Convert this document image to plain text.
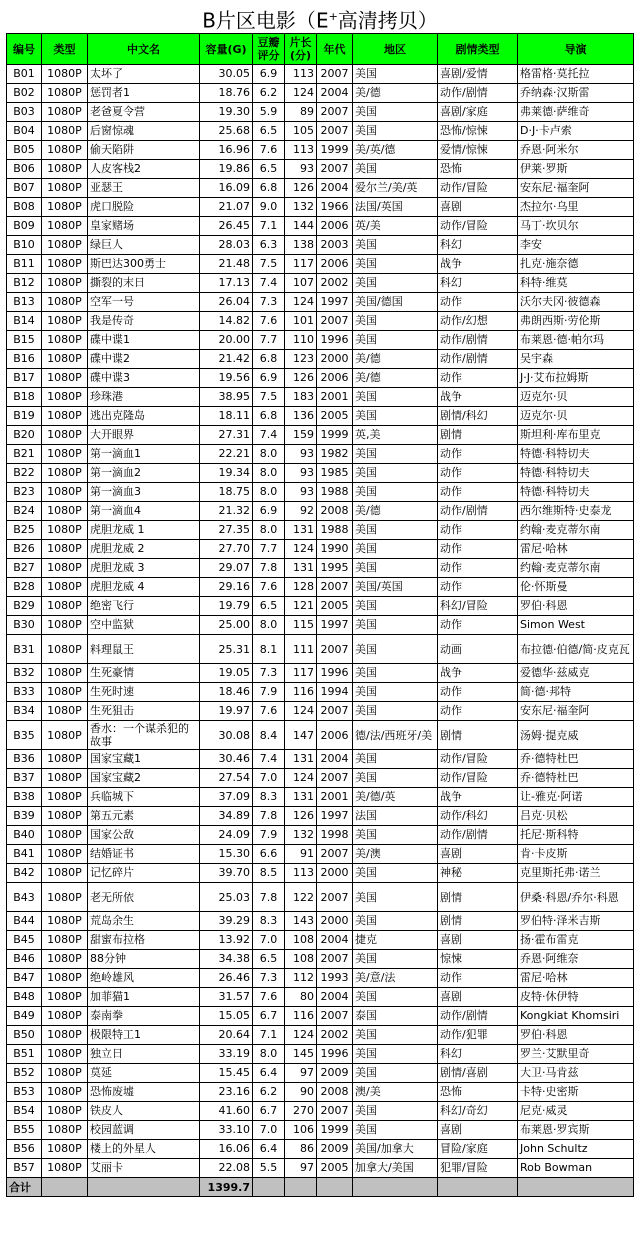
B片区电影（E+高清拷贝）
编号	类型	中文名	容量(G)	豆瓣评分	片长(分)	年代	地区	剧情类型	导演
B01	1080P	太坏了	30.05	6.9	113	2007	美国	喜剧/爱情	格雷格·莫托拉
B02	1080P	惩罚者1	18.76	6.2	124	2004	美/德	动作/剧情	乔纳森·汉斯雷
B03	1080P	老爸夏令营	19.30	5.9	89	2007	美国	喜剧/家庭	弗莱德·萨维奇
B04	1080P	后窗惊魂	25.68	6.5	105	2007	美国	恐怖/惊悚	D·J·卡卢索
B05	1080P	偷天陷阱	16.96	7.6	113	1999	美/英/德	爱情/惊悚	乔恩·阿米尔
B06	1080P	人皮客栈2	19.86	6.5	93	2007	美国	恐怖	伊莱·罗斯
B07	1080P	亚瑟王	16.09	6.8	126	2004	爱尔兰/美/英	动作/冒险	安东尼·福奎阿
B08	1080P	虎口脱险	21.07	9.0	132	1966	法国/英国	喜剧	杰拉尔·乌里
B09	1080P	皇家赌场	26.45	7.1	144	2006	英/美	动作/冒险	马丁·坎贝尔
B10	1080P	绿巨人	28.03	6.3	138	2003	美国	科幻	李安
B11	1080P	斯巴达300勇士	21.48	7.5	117	2006	美国	战争	扎克·施奈德
B12	1080P	撕裂的末日	17.13	7.4	107	2002	美国	科幻	科特·维莫
B13	1080P	空军一号	26.04	7.3	124	1997	美国/德国	动作	沃尔夫冈·彼德森
B14	1080P	我是传奇	14.82	7.6	101	2007	美国	动作/幻想	弗朗西斯·劳伦斯
B15	1080P	碟中谍1	20.00	7.7	110	1996	美国	动作/剧情	布莱恩·德·帕尔玛
B16	1080P	碟中谍2	21.42	6.8	123	2000	美/德	动作/剧情	吴宇森
B17	1080P	碟中谍3	19.56	6.9	126	2006	美/德	动作	J·J·艾布拉姆斯
B18	1080P	珍珠港	38.95	7.5	183	2001	美国	战争	迈克尔·贝
B19	1080P	逃出克隆岛	18.11	6.8	136	2005	美国	剧情/科幻	迈克尔·贝
B20	1080P	大开眼界	27.31	7.4	159	1999	英,美	剧情	斯坦利·库布里克
B21	1080P	第一滴血1	22.21	8.0	93	1982	美国	动作	特德·科特切夫
B22	1080P	第一滴血2	19.34	8.0	93	1985	美国	动作	特德·科特切夫
B23	1080P	第一滴血3	18.75	8.0	93	1988	美国	动作	特德·科特切夫
B24	1080P	第一滴血4	21.32	6.9	92	2008	美/德	动作/剧情	西尔维斯特·史泰龙
B25	1080P	虎胆龙威 1	27.35	8.0	131	1988	美国	动作	约翰·麦克蒂尔南
B26	1080P	虎胆龙威 2	27.70	7.7	124	1990	美国	动作	雷尼·哈林
B27	1080P	虎胆龙威 3	29.07	7.8	131	1995	美国	动作	约翰·麦克蒂尔南
B28	1080P	虎胆龙威 4	29.16	7.6	128	2007	美国/英国	动作	伦·怀斯曼
B29	1080P	绝密飞行	19.79	6.5	121	2005	美国	科幻/冒险	罗伯·科恩
B30	1080P	空中监狱	25.00	8.0	115	1997	美国	动作	Simon West
B31	1080P	料理鼠王	25.31	8.1	111	2007	美国	动画	布拉德·伯德/简·皮克瓦
B32	1080P	生死豪情	19.05	7.3	117	1996	美国	战争	爱德华·兹威克
B33	1080P	生死时速	18.46	7.9	116	1994	美国	动作	简·德·邦特
B34	1080P	生死狙击	19.97	7.6	124	2007	美国	动作	安东尼·福奎阿
B35	1080P	香水：一个谋杀犯的故事	30.08	8.4	147	2006	德/法/西班牙/美	剧情	汤姆·提克威
B36	1080P	国家宝藏1	30.46	7.4	131	2004	美国	动作/冒险	乔·德特杜巴
B37	1080P	国家宝藏2	27.54	7.0	124	2007	美国	动作/冒险	乔·德特杜巴
B38	1080P	兵临城下	37.09	8.3	131	2001	美/德/英	战争	让-雅克·阿诺
B39	1080P	第五元素	34.89	7.8	126	1997	法国	动作/科幻	吕克·贝松
B40	1080P	国家公敌	24.09	7.9	132	1998	美国	动作/剧情	托尼·斯科特
B41	1080P	结婚证书	15.30	6.6	91	2007	美/澳	喜剧	肯·卡皮斯
B42	1080P	记忆碎片	39.70	8.5	113	2000	美国	神秘	克里斯托弗·诺兰
B43	1080P	老无所依	25.03	7.8	122	2007	美国	剧情	伊桑·科恩/乔尔·科恩
B44	1080P	荒岛余生	39.29	8.3	143	2000	美国	剧情	罗伯特·泽米吉斯
B45	1080P	甜蜜布拉格	13.92	7.0	108	2004	捷克	喜剧	扬·霍布雷克
B46	1080P	88分钟	34.38	6.5	108	2007	美国	惊悚	乔恩·阿维奈
B47	1080P	绝岭雄风	26.46	7.3	112	1993	美/意/法	动作	雷尼·哈林
B48	1080P	加菲猫1	31.57	7.6	80	2004	美国	喜剧	皮特·休伊特
B49	1080P	泰南拳	15.05	6.7	116	2007	泰国	动作/剧情	Kongkiat Khomsiri
B50	1080P	极限特工1	20.64	7.1	124	2002	美国	动作/犯罪	罗伯·科恩
B51	1080P	独立日	33.19	8.0	145	1996	美国	科幻	罗兰·艾默里奇
B52	1080P	莫延	15.45	6.4	97	2009	美国	剧情/喜剧	大卫·马肯兹
B53	1080P	恐怖废墟	23.16	6.2	90	2008	澳/美	恐怖	卡特·史密斯
B54	1080P	铁皮人	41.60	6.7	270	2007	美国	科幻/奇幻	尼克·威灵
B55	1080P	校园蓝调	33.10	7.0	106	1999	美国	喜剧	布莱恩·罗宾斯
B56	1080P	楼上的外星人	16.06	6.4	86	2009	美国/加拿大	冒险/家庭	John Schultz
B57	1080P	艾丽卡	22.08	5.5	97	2005	加拿大/美国	犯罪/冒险	Rob Bowman
合计			1399.7						
